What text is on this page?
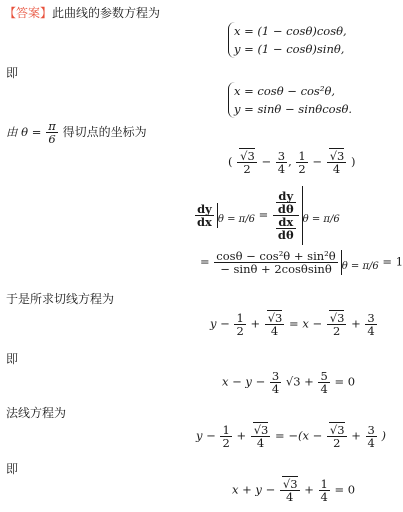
【答案】此曲线的参数方程为
x = (1 − cosθ)cosθ,
y = (1 − cosθ)sinθ,
即
x = cosθ − cos²θ,
y = sinθ − sinθcosθ.
由 $\theta = \frac{\pi}{6}$ 得切点的坐标为
( $\frac{√3}{2} - \frac{3}{4}$ , $\frac{1}{2} - \frac{√3}{4}$ )
$\frac{dy}{dx} _{\theta = \pi/6} = \frac{\frac{dy}{d\theta}}{\frac{dx}{d\theta}} _{\theta = \pi/6}$
= $\frac{\text{cosθ − cos²θ + sin²θ}}{- \sin\theta + 2\cos\theta\sin\theta} _{\theta = \pi/6} = 1$
于是所求切线方程为
$y - \frac{1}{2} + \frac{√3}{4} = x - \frac{√3}{2} + \frac{3}{4}$
即
$x - y - \frac{3}{4} √3 + \frac{5}{4} = 0$
法线方程为
$y - \frac{1}{2} + \frac{√3}{4} = -(x - \frac{√3}{2} + \frac{3}{4}$ )
即
$x + y - \frac{√3}{4} + \frac{1}{4} = 0$
